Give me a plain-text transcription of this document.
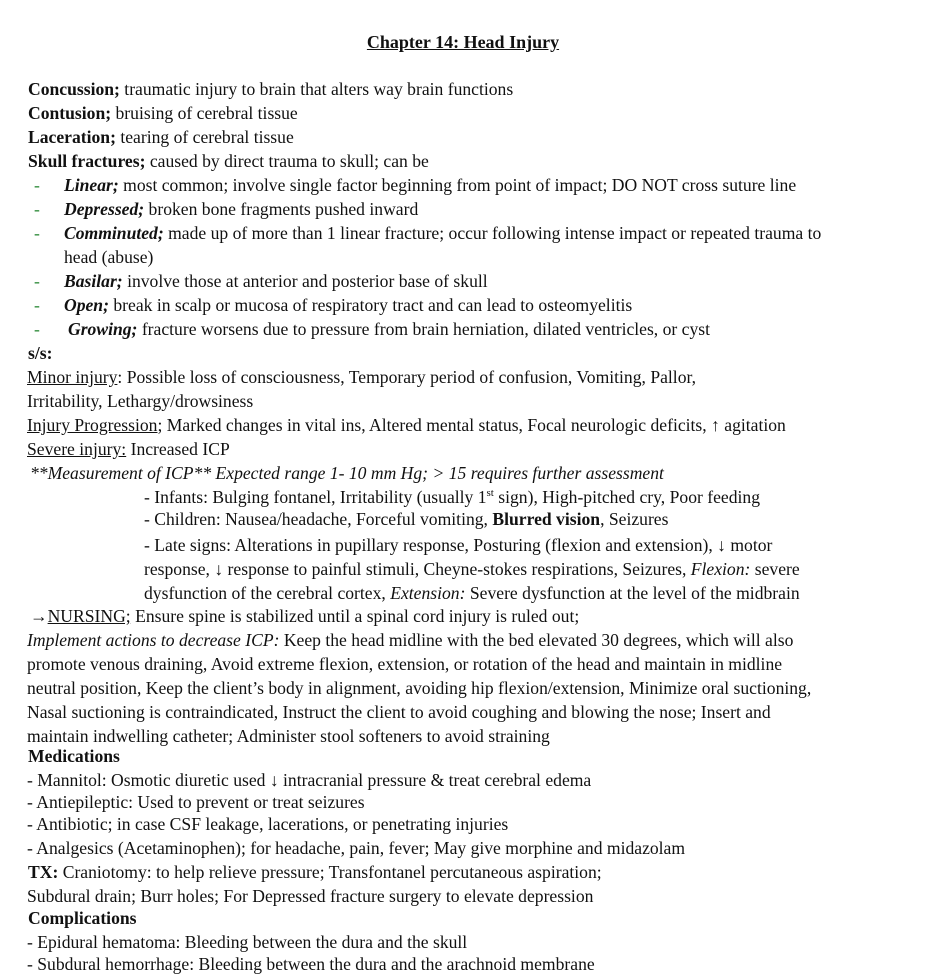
Chapter 14: Head Injury
Concussion; traumatic injury to brain that alters way brain functions
Contusion; bruising of cerebral tissue
Laceration; tearing of cerebral tissue
Skull fractures; caused by direct trauma to skull; can be
- Linear; most common; involve single factor beginning from point of impact; DO NOT cross suture line
- Depressed; broken bone fragments pushed inward
- Comminuted; made up of more than 1 linear fracture; occur following intense impact or repeated trauma to
head (abuse)
- Basilar; involve those at anterior and posterior base of skull
- Open; break in scalp or mucosa of respiratory tract and can lead to osteomyelitis
- Growing; fracture worsens due to pressure from brain herniation, dilated ventricles, or cyst
s/s:
Minor injury: Possible loss of consciousness, Temporary period of confusion, Vomiting, Pallor,
Irritability, Lethargy/drowsiness
Injury Progression; Marked changes in vital ins, Altered mental status, Focal neurologic deficits, ↑ agitation
Severe injury: Increased ICP
**Measurement of ICP** Expected range 1- 10 mm Hg; > 15 requires further assessment
- Infants: Bulging fontanel, Irritability (usually 1st sign), High-pitched cry, Poor feeding
- Children: Nausea/headache, Forceful vomiting, Blurred vision, Seizures
- Late signs: Alterations in pupillary response, Posturing (flexion and extension), ↓ motor
response, ↓ response to painful stimuli, Cheyne-stokes respirations, Seizures, Flexion: severe
dysfunction of the cerebral cortex, Extension: Severe dysfunction at the level of the midbrain
→NURSING; Ensure spine is stabilized until a spinal cord injury is ruled out;
Implement actions to decrease ICP: Keep the head midline with the bed elevated 30 degrees, which will also
promote venous draining, Avoid extreme flexion, extension, or rotation of the head and maintain in midline
neutral position, Keep the client’s body in alignment, avoiding hip flexion/extension, Minimize oral suctioning,
Nasal suctioning is contraindicated, Instruct the client to avoid coughing and blowing the nose; Insert and
maintain indwelling catheter; Administer stool softeners to avoid straining
Medications
- Mannitol: Osmotic diuretic used ↓ intracranial pressure & treat cerebral edema
- Antiepileptic: Used to prevent or treat seizures
- Antibiotic; in case CSF leakage, lacerations, or penetrating injuries
- Analgesics (Acetaminophen); for headache, pain, fever; May give morphine and midazolam
TX: Craniotomy: to help relieve pressure; Transfontanel percutaneous aspiration;
Subdural drain; Burr holes; For Depressed fracture surgery to elevate depression
Complications
- Epidural hematoma: Bleeding between the dura and the skull
- Subdural hemorrhage: Bleeding between the dura and the arachnoid membrane
